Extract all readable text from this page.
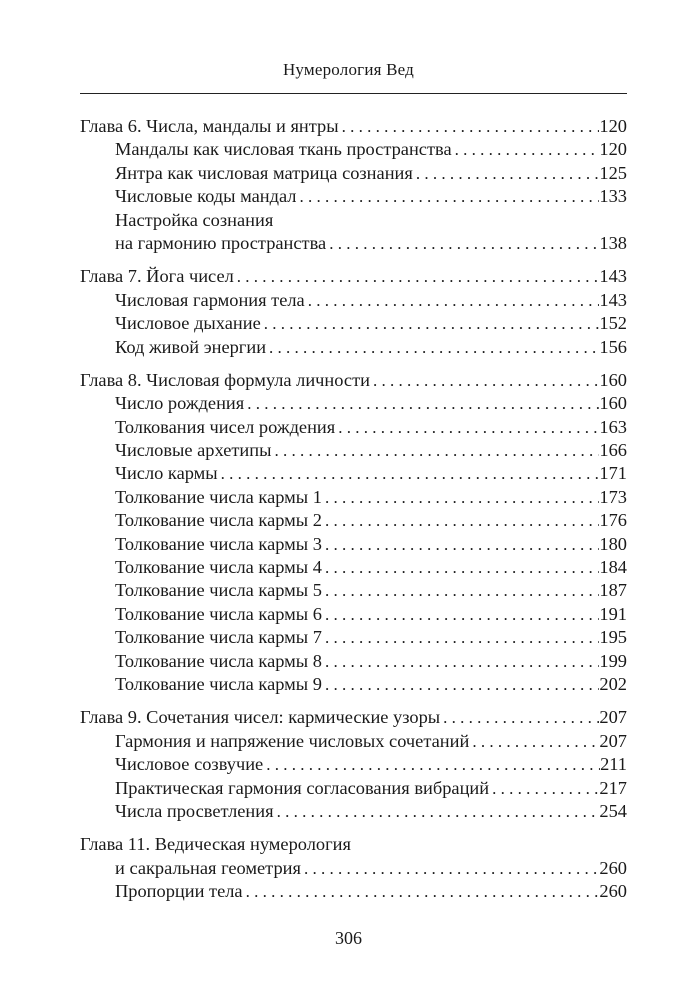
Нумерология Вед
Глава 6. Числа, мандалы и янтры . . .	120
Мандалы как числовая ткань пространства . . .	120
Янтра как числовая матрица сознания . . .	125
Числовые коды мандал . . .	133
Настройка сознания
на гармонию пространства . . .	138
Глава 7. Йога чисел . . .	143
Числовая гармония тела . . .	143
Числовое дыхание . . .	152
Код живой энергии . . .	156
Глава 8. Числовая формула личности . . .	160
Число рождения . . .	160
Толкования чисел рождения . . .	163
Числовые архетипы . . .	166
Число кармы . . .	171
Толкование числа кармы 1 . . .	173
Толкование числа кармы 2 . . .	176
Толкование числа кармы 3 . . .	180
Толкование числа кармы 4 . . .	184
Толкование числа кармы 5 . . .	187
Толкование числа кармы 6 . . .	191
Толкование числа кармы 7 . . .	195
Толкование числа кармы 8 . . .	199
Толкование числа кармы 9 . . .	202
Глава 9. Сочетания чисел: кармические узоры . . .	207
Гармония и напряжение числовых сочетаний . . .	207
Числовое созвучие . . .	211
Практическая гармония согласования вибраций . . .	217
Числа просветления . . .	254
Глава 11. Ведическая нумерология
и сакральная геометрия . . .	260
Пропорции тела . . .	260
306
